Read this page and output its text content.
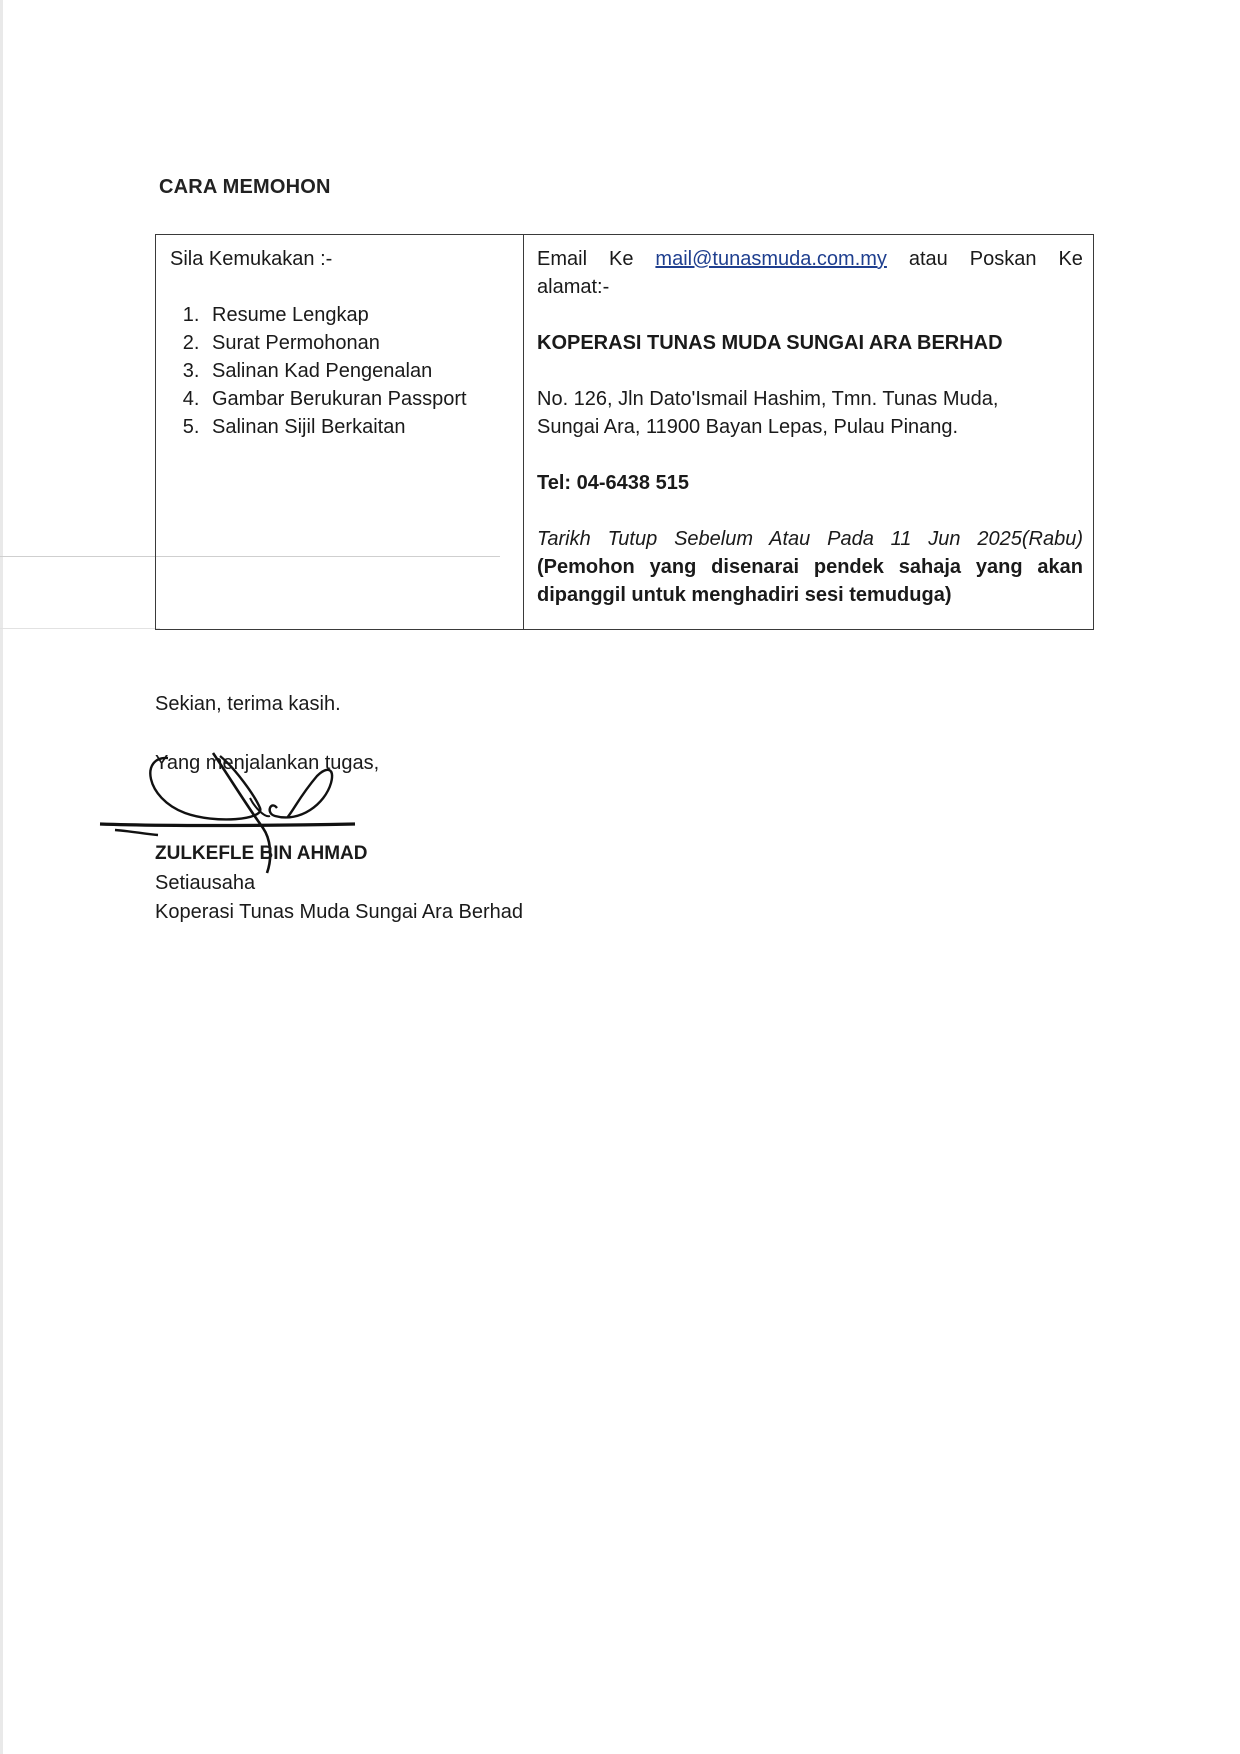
CARA MEMOHON
Sila Kemukakan :-
1. Resume Lengkap
2. Surat Permohonan
3. Salinan Kad Pengenalan
4. Gambar Berukuran Passport
5. Salinan Sijil Berkaitan
Email Ke mail@tunasmuda.com.my atau Poskan Ke
alamat:-
KOPERASI TUNAS MUDA SUNGAI ARA BERHAD
No. 126, Jln Dato'Ismail Hashim, Tmn. Tunas Muda,
Sungai Ara, 11900 Bayan Lepas, Pulau Pinang.
Tel: 04-6438 515
Tarikh Tutup Sebelum Atau Pada 11 Jun 2025(Rabu)
(Pemohon yang disenarai pendek sahaja yang akan
dipanggil untuk menghadiri sesi temuduga)
Sekian, terima kasih.
Yang menjalankan tugas,
ZULKEFLE BIN AHMAD
Setiausaha
Koperasi Tunas Muda Sungai Ara Berhad
